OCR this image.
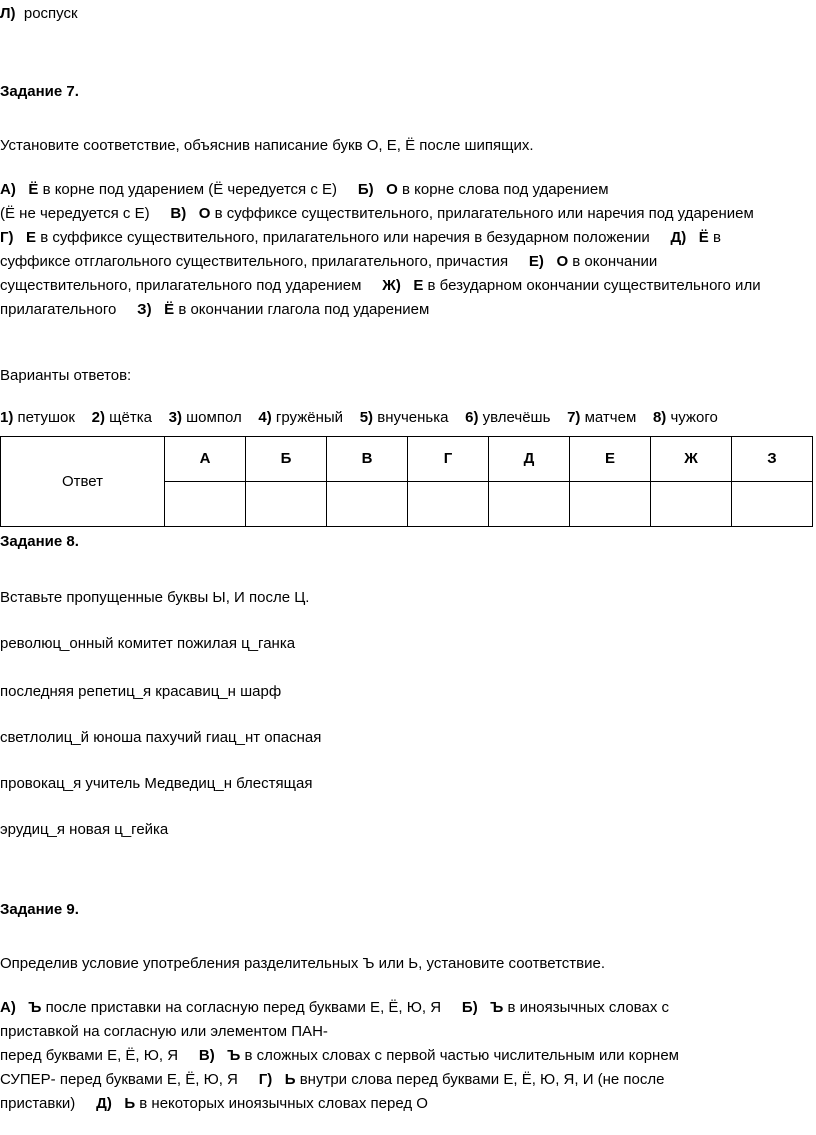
Л) роспуск

Задание 7.

Установите соответствие, объяснив написание букв О, Е, Ё после шипящих.

А) Ё в корне под ударением (Ё чередуется с Е) Б) О в корне слова под ударением

(Ё не чередуется с Е) В) О в суффиксе существительного, прилагательного или наречия под ударением

Г) Е в суффиксе существительного, прилагательного или наречия в безударном положении Д) Ё в

суффиксе отглагольного существительного, прилагательного, причастия Е) О в окончании

существительного, прилагательного под ударением Ж) Е в безударном окончании существительного или

прилагательного З) Ё в окончании глагола под ударением

Варианты ответов:

1) петушок 2) щётка 3) шомпол 4) гружёный 5) внученька 6) увлечёшь 7) матчем 8) чужого

Ответ	А	Б	В	Г	Д	Е	Ж	З

Задание 8.

Вставьте пропущенные буквы Ы, И после Ц.

революц_онный комитет пожилая ц_ганка

последняя репетиц_я красавиц_н шарф

светлолиц_й юноша пахучий гиац_нт опасная

провокац_я учитель Медведиц_н блестящая

эрудиц_я новая ц_гейка

Задание 9.

Определив условие употребления разделительных Ъ или Ь, установите соответствие.

А) Ъ после приставки на согласную перед буквами Е, Ё, Ю, Я Б) Ъ в иноязычных словах с

приставкой на согласную или элементом ПАН-

перед буквами Е, Ё, Ю, Я В) Ъ в сложных словах с первой частью числительным или корнем

СУПЕР- перед буквами Е, Ё, Ю, Я Г) Ь внутри слова перед буквами Е, Ё, Ю, Я, И (не после

приставки) Д) Ь в некоторых иноязычных словах перед О
